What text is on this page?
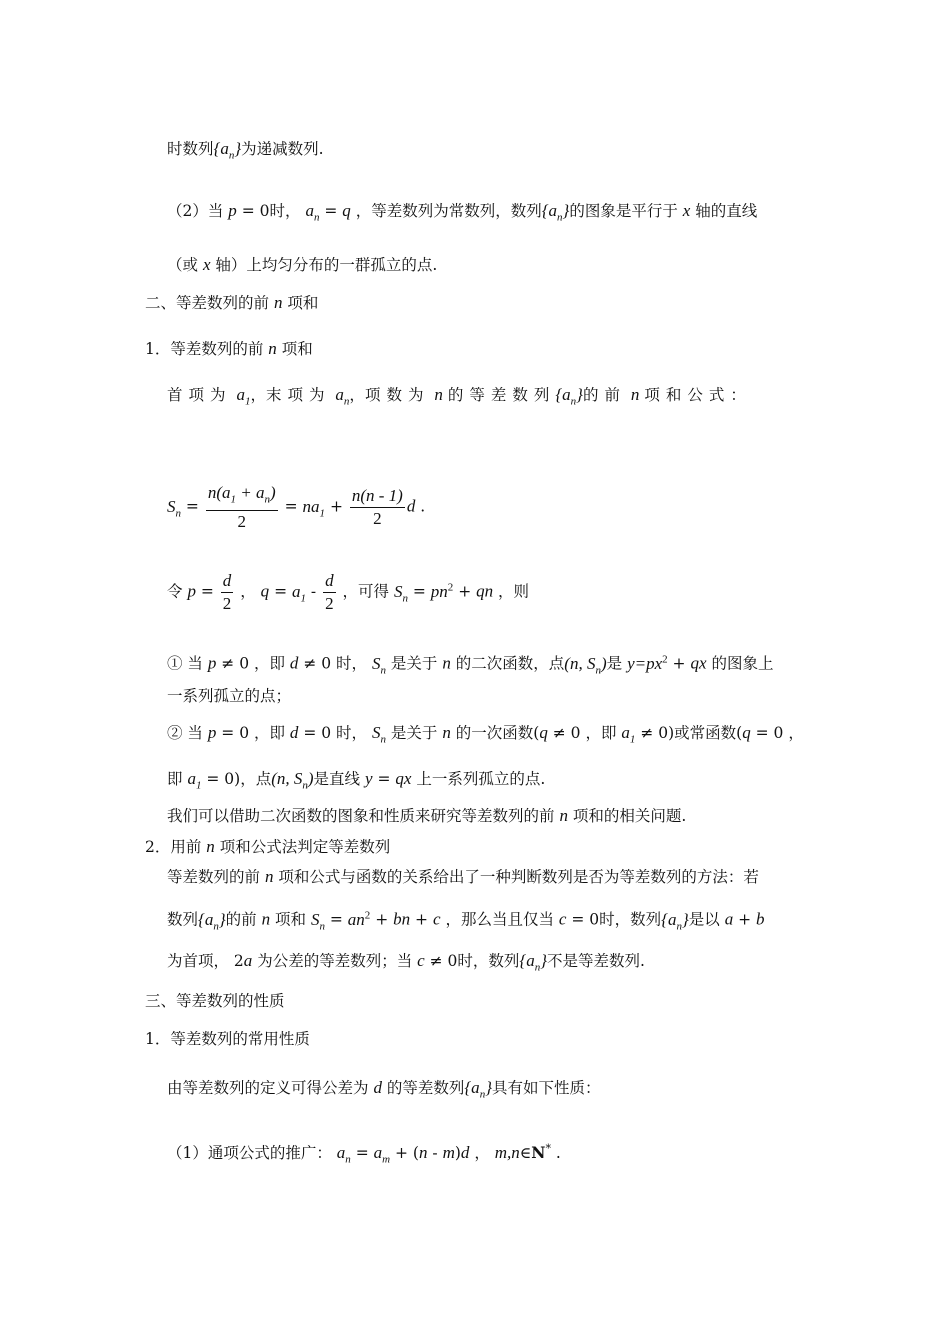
时数列$\{a_n\}$为递减数列.
（2）当 p = 0时， $a_n = q$ ，等差数列为常数列，数列$\{a_n\}$的图象是平行于 x 轴的直线
（或 x 轴）上均匀分布的一群孤立的点.
二、等差数列的前 n 项和
1．等差数列的前 n 项和
首项为 $a_1$，末项为 $a_n$，项数为 n 的等差数列$\{a_n\}$的前 n 项和公式：
$S_n = \frac{n(a_1 + a_n)}{2} = na_1 + \frac{n(n - 1)}{2}$ d .
令 $p = \frac{d}{2}$ ， $q = a_1 - \frac{d}{2}$ ，可得 $S_n = pn^2$ + qn ，则
① 当 p ≠ 0 ，即 d ≠ 0 时， $S_n$ 是关于 n 的二次函数，点(n, $S_n$)是 $y=px^2$ + qx 的图象上
一系列孤立的点；
② 当 p = 0 ，即 d = 0 时， $S_n$ 是关于 n 的一次函数(q ≠ 0 ，即 $a_1 \ne 0$)或常函数(q = 0 ，
即 $a_1 = 0$)，点(n, $S_n$)是直线 y = qx 上一系列孤立的点.
我们可以借助二次函数的图象和性质来研究等差数列的前 n 项和的相关问题.
2．用前 n 项和公式法判定等差数列
等差数列的前 n 项和公式与函数的关系给出了一种判断数列是否为等差数列的方法：若
数列$\{a_n\}$的前 n 项和 $S_n = an^2$ + bn + c ，那么当且仅当 c = 0时，数列$\{a_n\}$是以 a + b
为首项， 2a 为公差的等差数列；当 c ≠ 0时，数列$\{a_n\}$不是等差数列.
三、等差数列的性质
1．等差数列的常用性质
由等差数列的定义可得公差为 d 的等差数列$\{a_n\}$具有如下性质：
（1）通项公式的推广： $a_n = a_m + (n - m)d$ ， m,n∈N* .
